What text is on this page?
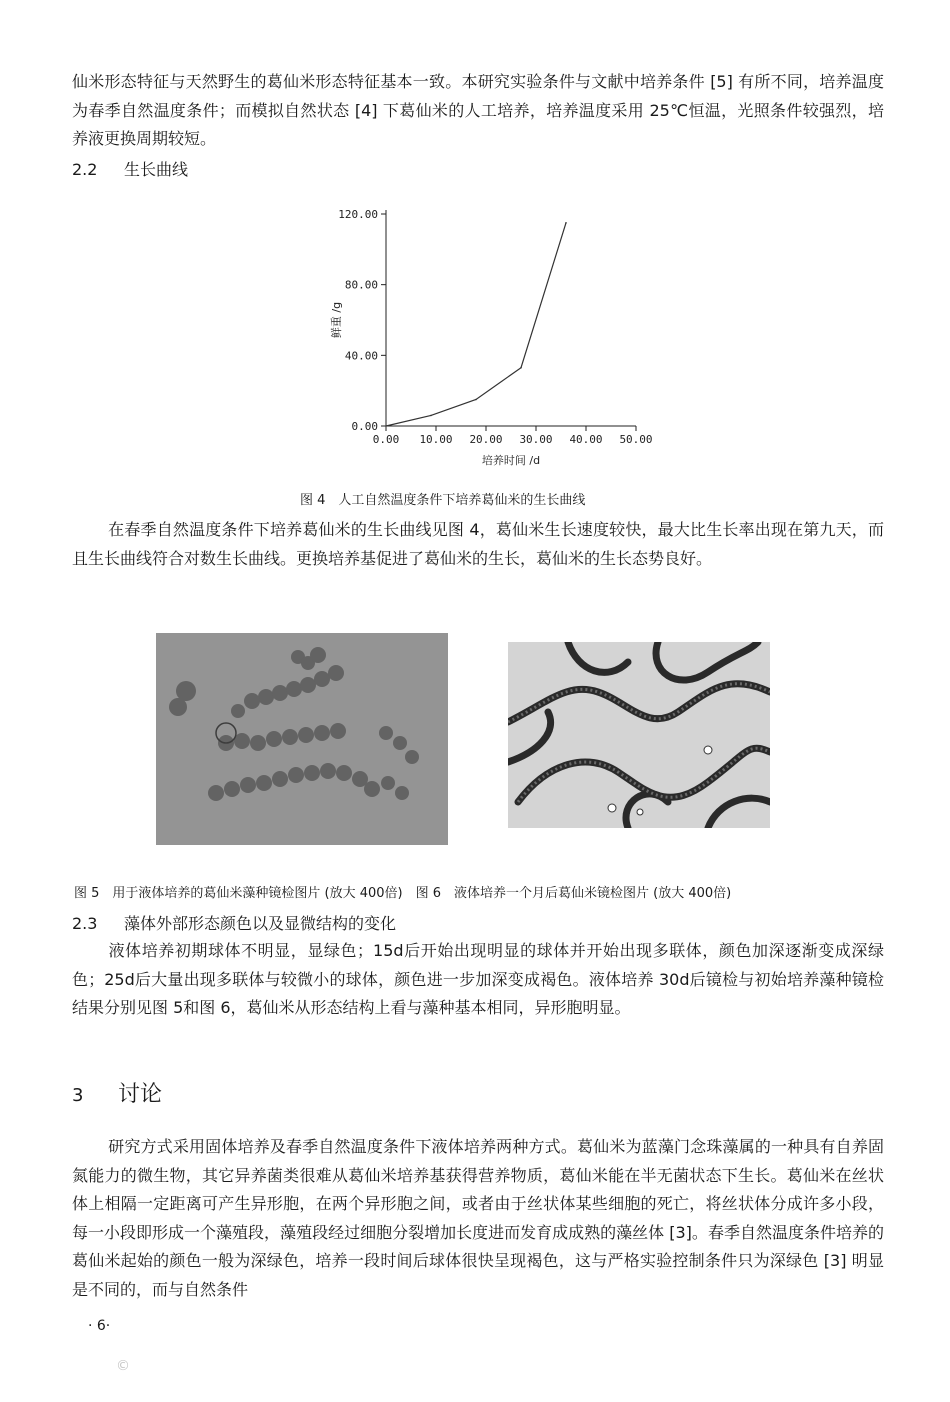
仙米形态特征与天然野生的葛仙米形态特征基本一致。本研究实验条件与文献中培养条件 [5] 有所不同，培养温度为春季自然温度条件；而模拟自然状态 [4] 下葛仙米的人工培养，培养温度采用 25℃恒温，光照条件较强烈，培养液更换周期较短。

2.2 生长曲线

0.00 10.00 20.00 30.00 40.00 50.00
0.00
40.00
80.00
120.00
培养时间 /d
鲜重 /g

图 4　人工自然温度条件下培养葛仙米的生长曲线

在春季自然温度条件下培养葛仙米的生长曲线见图 4，葛仙米生长速度较快，最大比生长率出现在第九天，而且生长曲线符合对数生长曲线。更换培养基促进了葛仙米的生长，葛仙米的生长态势良好。

图 5　用于液体培养的葛仙米藻种镜检图片 (放大 400倍)　图 6　液体培养一个月后葛仙米镜检图片 (放大 400倍)

2.3 藻体外部形态颜色以及显微结构的变化

液体培养初期球体不明显，显绿色；15d后开始出现明显的球体并开始出现多联体，颜色加深逐渐变成深绿色；25d后大量出现多联体与较微小的球体，颜色进一步加深变成褐色。液体培养 30d后镜检与初始培养藻种镜检结果分别见图 5和图 6，葛仙米从形态结构上看与藻种基本相同，异形胞明显。

3 讨论

研究方式采用固体培养及春季自然温度条件下液体培养两种方式。葛仙米为蓝藻门念珠藻属的一种具有自养固氮能力的微生物，其它异养菌类很难从葛仙米培养基获得营养物质，葛仙米能在半无菌状态下生长。葛仙米在丝状体上相隔一定距离可产生异形胞，在两个异形胞之间，或者由于丝状体某些细胞的死亡，将丝状体分成许多小段，每一小段即形成一个藻殖段，藻殖段经过细胞分裂增加长度进而发育成成熟的藻丝体 [3]。春季自然温度条件培养的葛仙米起始的颜色一般为深绿色，培养一段时间后球体很快呈现褐色，这与严格实验控制条件只为深绿色 [3] 明显是不同的，而与自然条件

· 6·
©
